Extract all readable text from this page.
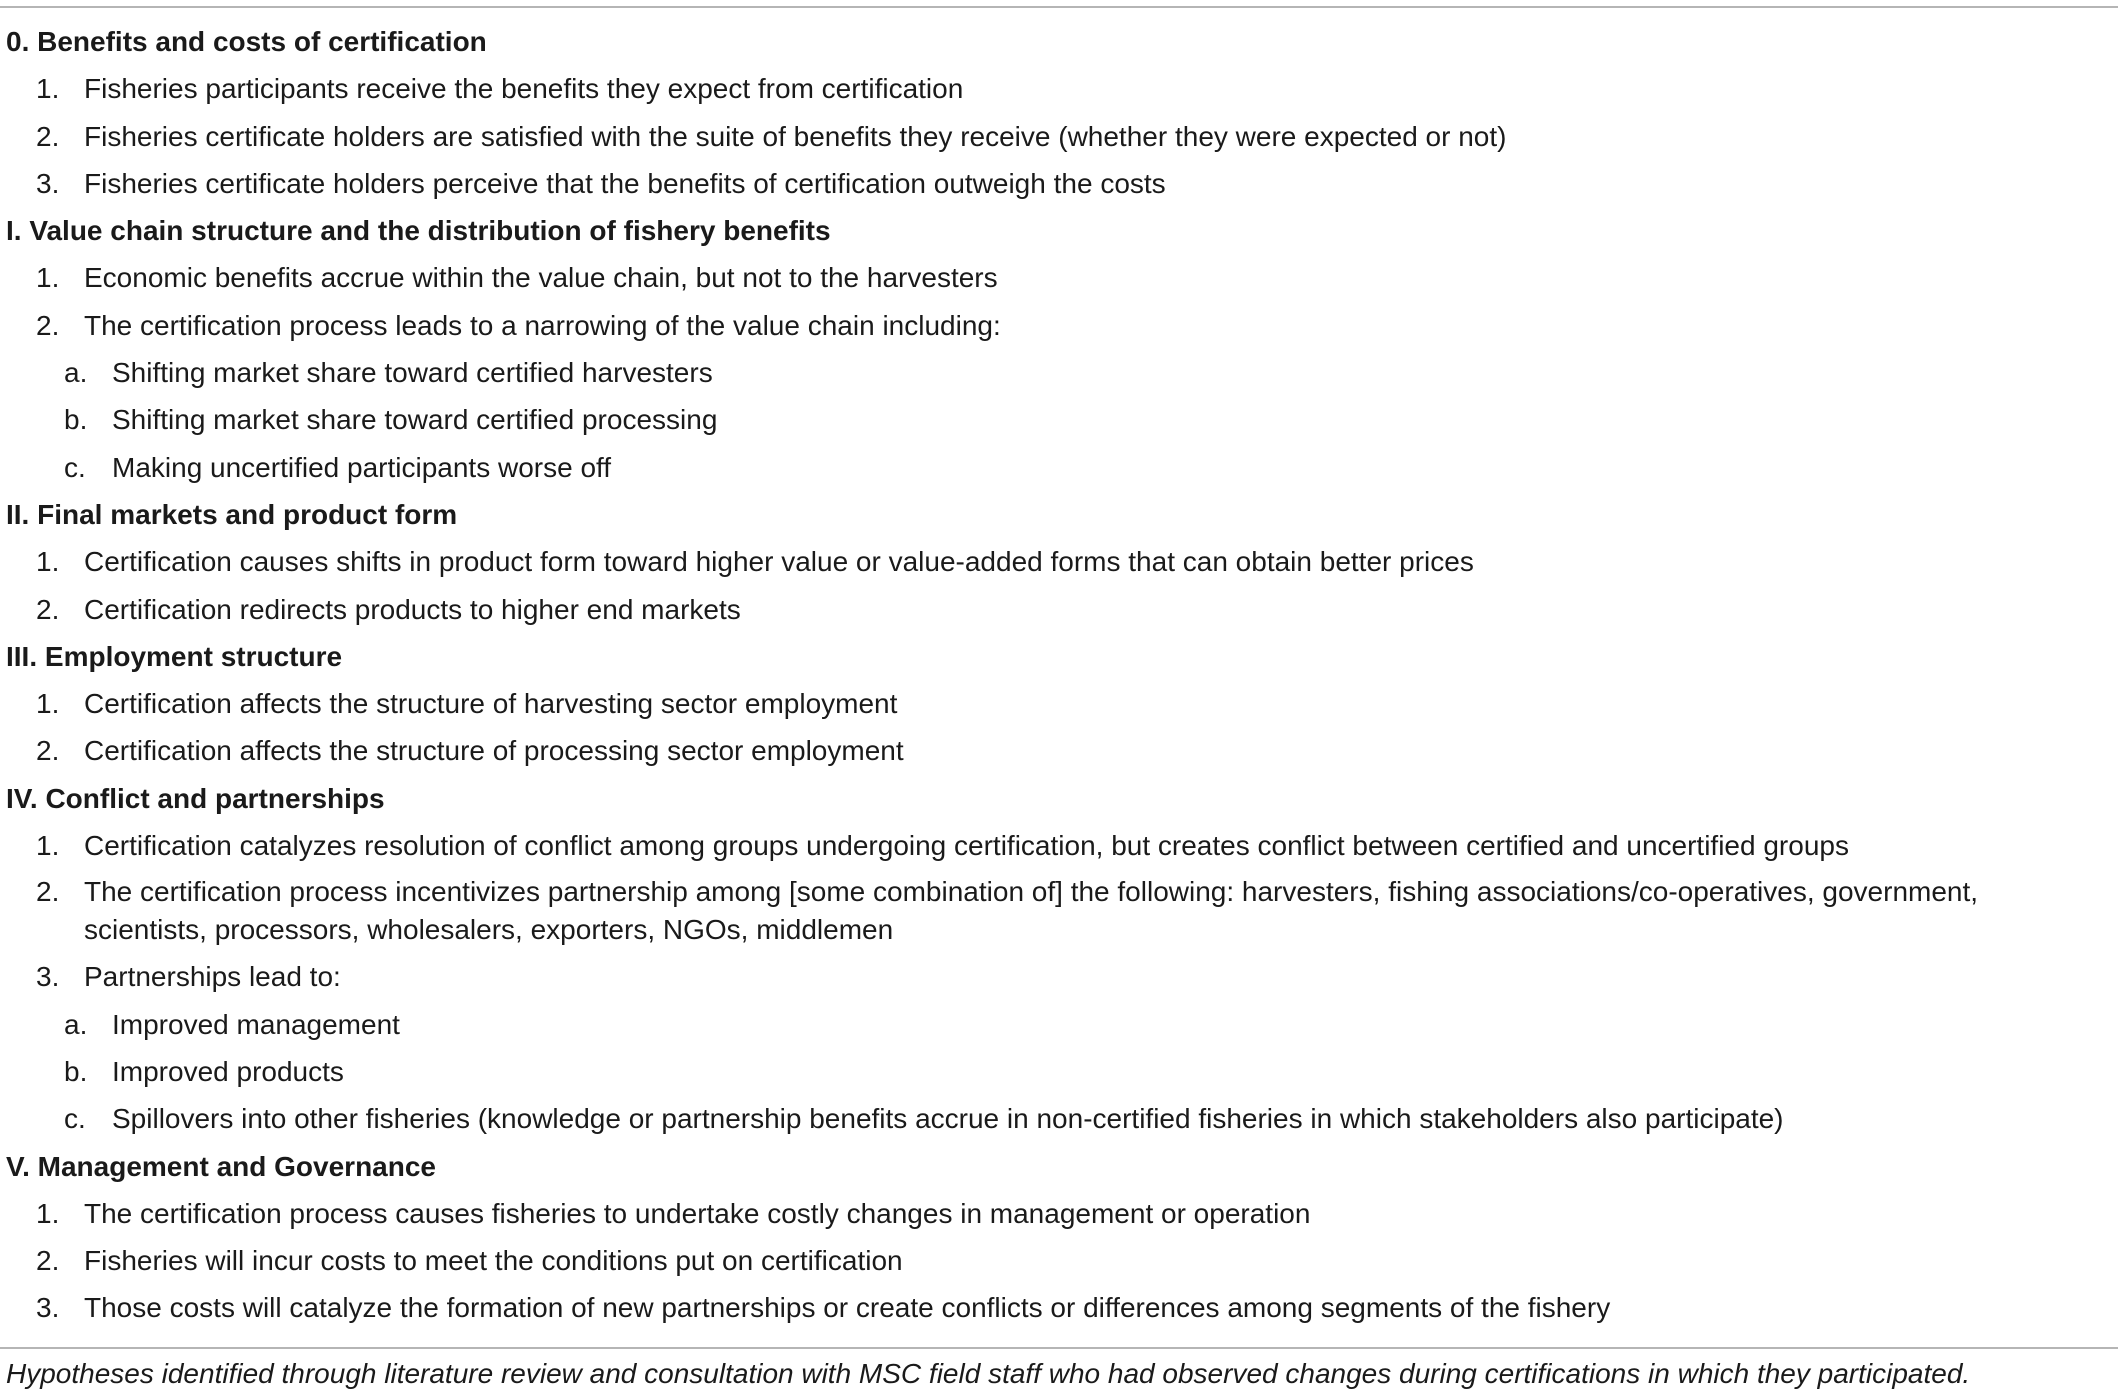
0. Benefits and costs of certification
1. Fisheries participants receive the benefits they expect from certification
2. Fisheries certificate holders are satisfied with the suite of benefits they receive (whether they were expected or not)
3. Fisheries certificate holders perceive that the benefits of certification outweigh the costs
I. Value chain structure and the distribution of fishery benefits
1. Economic benefits accrue within the value chain, but not to the harvesters
2. The certification process leads to a narrowing of the value chain including:
a. Shifting market share toward certified harvesters
b. Shifting market share toward certified processing
c. Making uncertified participants worse off
II. Final markets and product form
1. Certification causes shifts in product form toward higher value or value-added forms that can obtain better prices
2. Certification redirects products to higher end markets
III. Employment structure
1. Certification affects the structure of harvesting sector employment
2. Certification affects the structure of processing sector employment
IV. Conflict and partnerships
1. Certification catalyzes resolution of conflict among groups undergoing certification, but creates conflict between certified and uncertified groups
2. The certification process incentivizes partnership among [some combination of] the following: harvesters, fishing associations/co-operatives, government, scientists, processors, wholesalers, exporters, NGOs, middlemen
3. Partnerships lead to:
a. Improved management
b. Improved products
c. Spillovers into other fisheries (knowledge or partnership benefits accrue in non-certified fisheries in which stakeholders also participate)
V. Management and Governance
1. The certification process causes fisheries to undertake costly changes in management or operation
2. Fisheries will incur costs to meet the conditions put on certification
3. Those costs will catalyze the formation of new partnerships or create conflicts or differences among segments of the fishery
Hypotheses identified through literature review and consultation with MSC field staff who had observed changes during certifications in which they participated.
